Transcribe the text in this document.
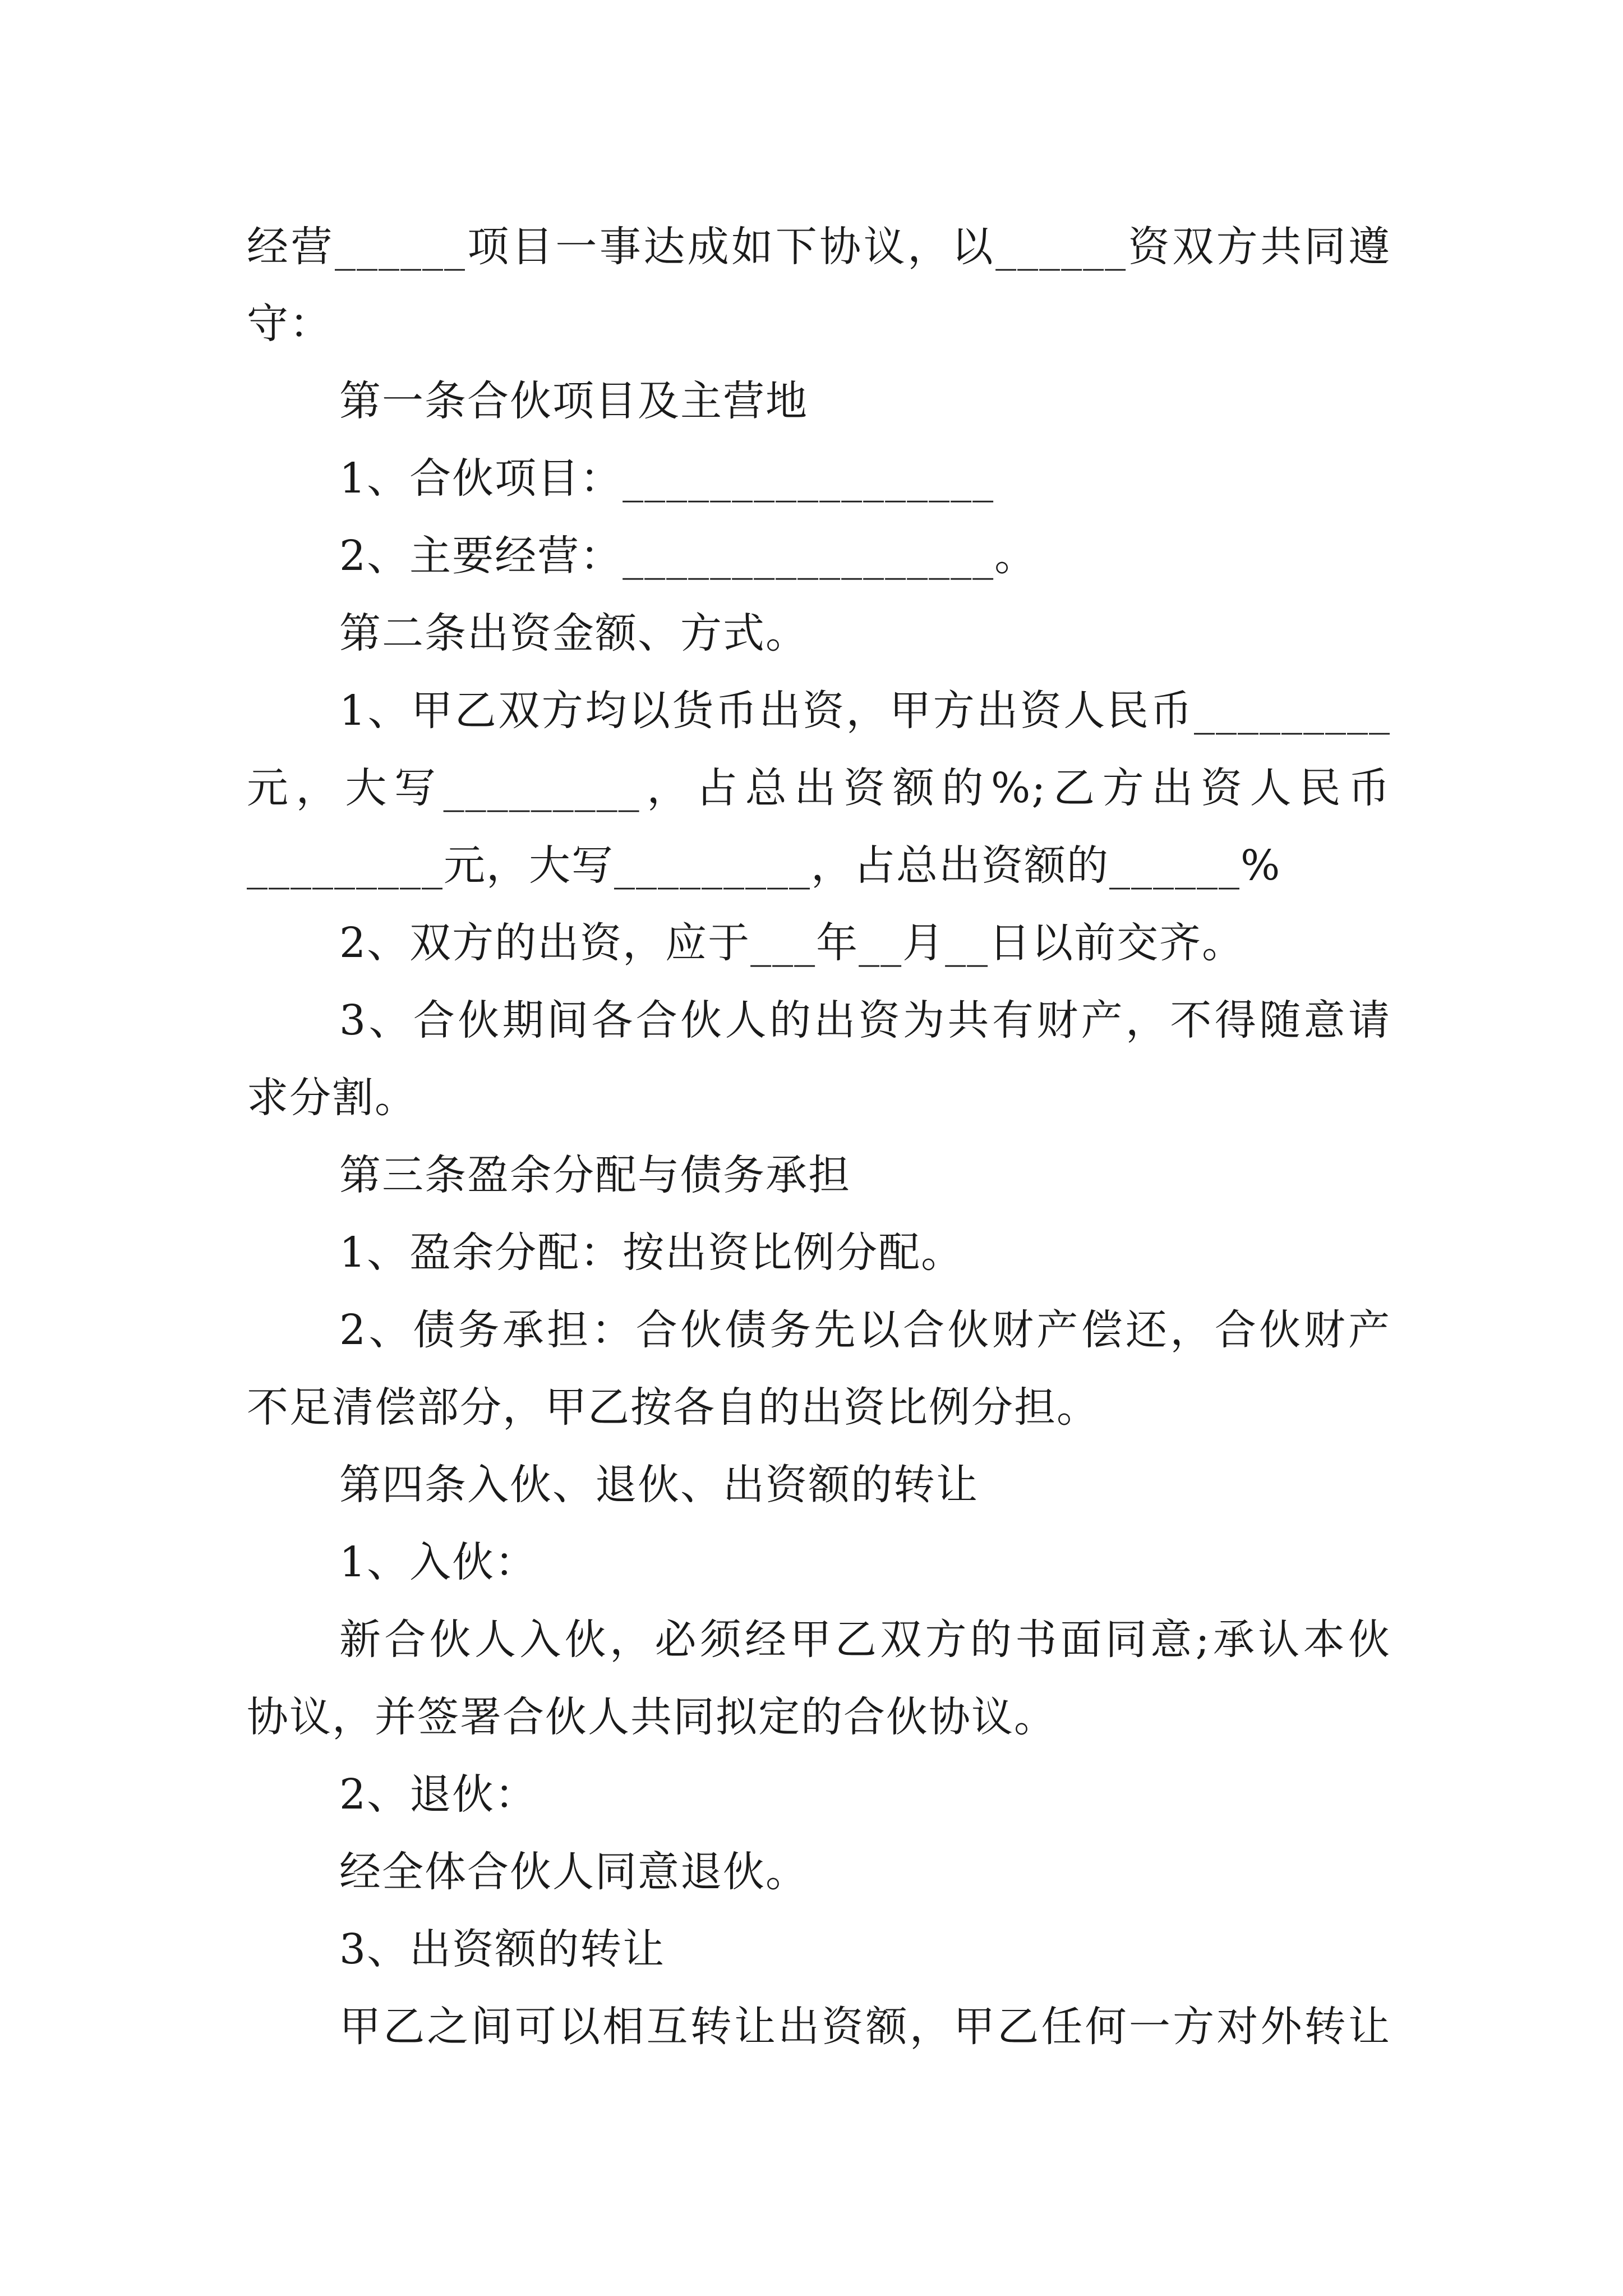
经营______项目一事达成如下协议，以______资双方共同遵
守：
第一条合伙项目及主营地
1、合伙项目：_________________
2、主要经营：_________________。
第二条出资金额、方式。
1、甲乙双方均以货币出资，甲方出资人民币_________
元，大写_________，占总出资额的%;乙方出资人民币
_________元，大写_________，占总出资额的______%
2、双方的出资，应于___年__月__日以前交齐。
3、合伙期间各合伙人的出资为共有财产，不得随意请
求分割。
第三条盈余分配与债务承担
1、盈余分配：按出资比例分配。
2、债务承担：合伙债务先以合伙财产偿还，合伙财产
不足清偿部分，甲乙按各自的出资比例分担。
第四条入伙、退伙、出资额的转让
1、入伙：
新合伙人入伙，必须经甲乙双方的书面同意;承认本伙
协议，并签署合伙人共同拟定的合伙协议。
2、退伙：
经全体合伙人同意退伙。
3、出资额的转让
甲乙之间可以相互转让出资额，甲乙任何一方对外转让
